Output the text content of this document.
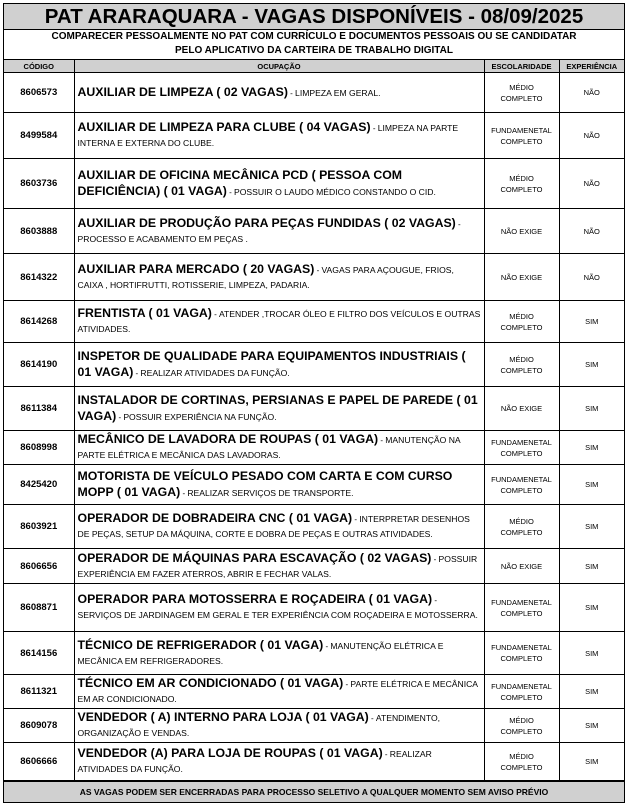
PAT ARARAQUARA - VAGAS DISPONÍVEIS - 08/09/2025
COMPARECER PESSOALMENTE NO PAT COM CURRÍCULO E DOCUMENTOS PESSOAIS OU SE CANDIDATAR
PELO APLICATIVO DA CARTEIRA DE TRABALHO DIGITAL
CÓDIGO	OCUPAÇÃO	ESCOLARIDADE	EXPERIÊNCIA
8606573	AUXILIAR DE LIMPEZA ( 02 VAGAS) - LIMPEZA EM GERAL.	MÉDIO COMPLETO	NÃO
8499584	AUXILIAR DE LIMPEZA PARA CLUBE ( 04 VAGAS) - LIMPEZA NA PARTE INTERNA E EXTERNA DO CLUBE.	FUNDAMENETAL COMPLETO	NÃO
8603736	AUXILIAR DE OFICINA MECÂNICA PCD ( PESSOA COM DEFICIÊNCIA) ( 01 VAGA) - POSSUIR O LAUDO MÉDICO CONSTANDO O CID.	MÉDIO COMPLETO	NÃO
8603888	AUXILIAR DE PRODUÇÃO PARA PEÇAS FUNDIDAS ( 02 VAGAS) - PROCESSO E ACABAMENTO EM PEÇAS .	NÃO EXIGE	NÃO
8614322	AUXILIAR PARA MERCADO ( 20 VAGAS) - VAGAS PARA AÇOUGUE, FRIOS, CAIXA , HORTIFRUTTI, ROTISSERIE, LIMPEZA, PADARIA.	NÃO EXIGE	NÃO
8614268	FRENTISTA ( 01 VAGA) - ATENDER ,TROCAR ÓLEO E FILTRO DOS VEÍCULOS E OUTRAS ATIVIDADES.	MÉDIO COMPLETO	SIM
8614190	INSPETOR DE QUALIDADE PARA EQUIPAMENTOS INDUSTRIAIS ( 01 VAGA) - REALIZAR ATIVIDADES DA FUNÇÃO.	MÉDIO COMPLETO	SIM
8611384	INSTALADOR DE CORTINAS, PERSIANAS E PAPEL DE PAREDE ( 01 VAGA) - POSSUIR EXPERIÊNCIA NA FUNÇÃO.	NÃO EXIGE	SIM
8608998	MECÂNICO DE LAVADORA DE ROUPAS ( 01 VAGA) - MANUTENÇÃO NA PARTE ELÉTRICA E MECÂNICA DAS LAVADORAS.	FUNDAMENETAL COMPLETO	SIM
8425420	MOTORISTA DE VEÍCULO PESADO COM CARTA E COM CURSO MOPP ( 01 VAGA) - REALIZAR SERVIÇOS DE TRANSPORTE.	FUNDAMENETAL COMPLETO	SIM
8603921	OPERADOR DE DOBRADEIRA CNC ( 01 VAGA) - INTERPRETAR DESENHOS DE PEÇAS, SETUP DA MÁQUINA, CORTE E DOBRA DE PEÇAS E OUTRAS ATIVIDADES.	MÉDIO COMPLETO	SIM
8606656	OPERADOR DE MÁQUINAS PARA ESCAVAÇÃO ( 02 VAGAS) - POSSUIR EXPERIÊNCIA EM FAZER ATERROS, ABRIR E FECHAR VALAS.	NÃO EXIGE	SIM
8608871	OPERADOR PARA MOTOSSERRA E ROÇADEIRA ( 01 VAGA) - SERVIÇOS DE JARDINAGEM EM GERAL E TER EXPERIÊNCIA COM ROÇADEIRA E MOTOSSERRA.	FUNDAMENETAL COMPLETO	SIM
8614156	TÉCNICO DE REFRIGERADOR ( 01 VAGA) - MANUTENÇÃO ELÉTRICA E MECÂNICA EM REFRIGERADORES.	FUNDAMENETAL COMPLETO	SIM
8611321	TÉCNICO EM AR CONDICIONADO ( 01 VAGA) - PARTE ELÉTRICA E MECÂNICA EM AR CONDICIONADO.	FUNDAMENETAL COMPLETO	SIM
8609078	VENDEDOR ( A) INTERNO PARA LOJA ( 01 VAGA) - ATENDIMENTO, ORGANIZAÇÃO E VENDAS.	MÉDIO COMPLETO	SIM
8606666	VENDEDOR (A) PARA LOJA DE ROUPAS ( 01 VAGA) - REALIZAR ATIVIDADES DA FUNÇÃO.	MÉDIO COMPLETO	SIM
AS VAGAS PODEM SER ENCERRADAS PARA PROCESSO SELETIVO A QUALQUER MOMENTO SEM AVISO PRÉVIO
